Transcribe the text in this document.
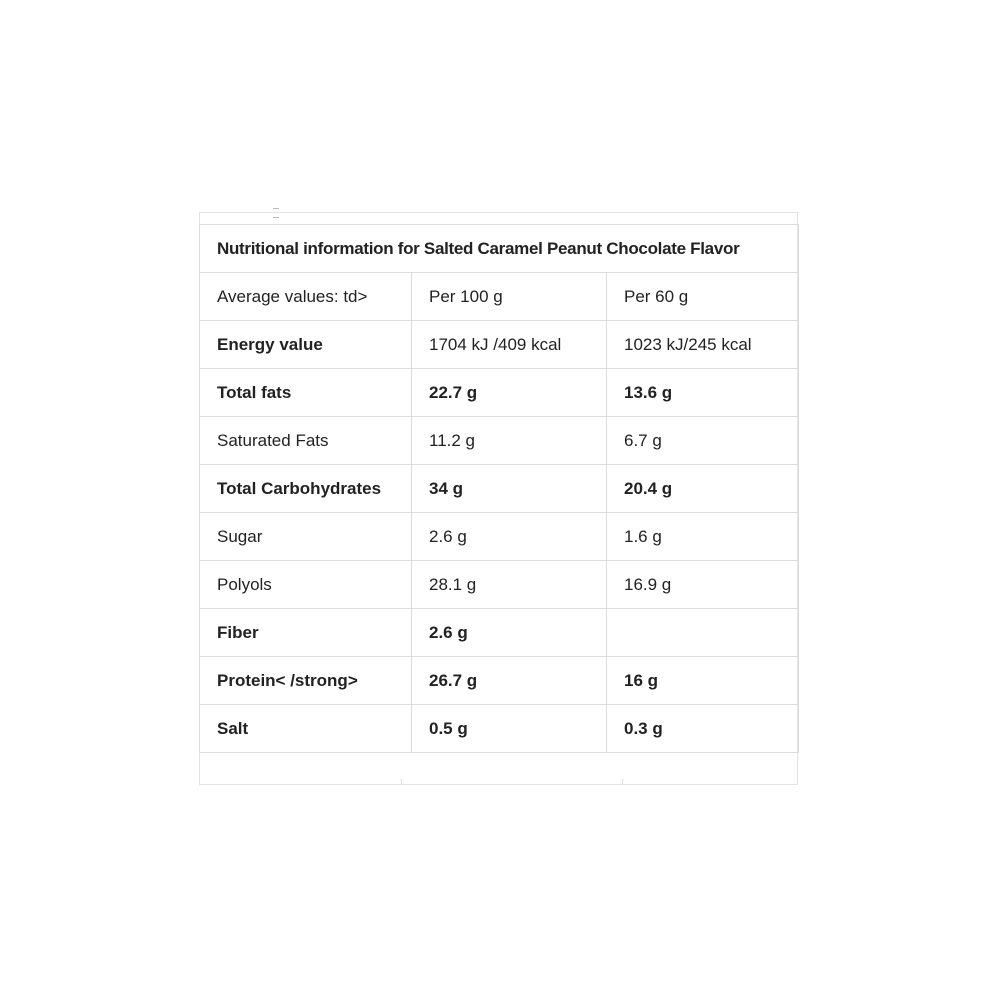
Nutritional information for Salted Caramel Peanut Chocolate Flavor		
Average values: td>	Per 100 g	Per 60 g
Energy value	1704 kJ /409 kcal	1023 kJ/245 kcal
Total fats	22.7 g	13.6 g
Saturated Fats	11.2 g	6.7 g
Total Carbohydrates	34 g	20.4 g
Sugar	2.6 g	1.6 g
Polyols	28.1 g	16.9 g
Fiber	2.6 g	
Protein< /strong>	26.7 g	16 g
Salt	0.5 g	0.3 g
